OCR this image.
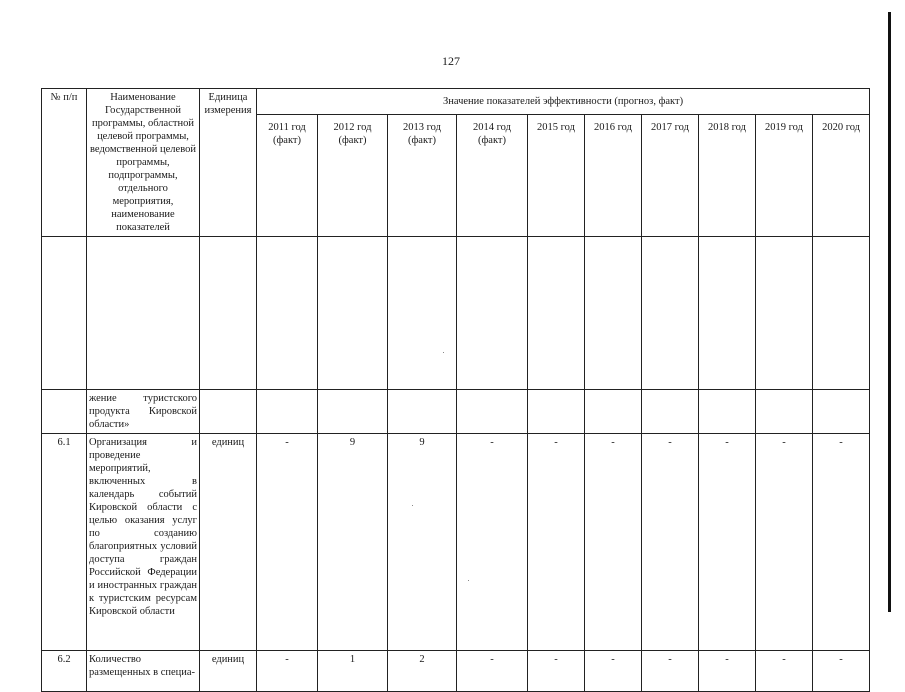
127
№ п/п	Наименование Государственной программы, областной целевой программы, ведомственной целевой программы, подпрограммы, отдельного мероприятия, наименование показателей	Единица измерения	Значение показателей эффективности (прогноз, факт)									
			2011 год (факт)	2012 год (факт)	2013 год (факт)	2014 год (факт)	2015 год	2016 год	2017 год	2018 год	2019 год	2020 год

	жение туристского продукта Кировской области»											
6.1	Организация и проведение мероприятий, включенных в календарь событий Кировской области с целью оказания услуг по созданию благоприятных условий доступа граждан Российской Федерации и иностранных граждан к туристским ресурсам Кировской области	единиц	-	9	9	-	-	-	-	-	-	-
6.2	Количество размещенных в специа-	единиц	-	1	2	-	-	-	-	-	-	-
